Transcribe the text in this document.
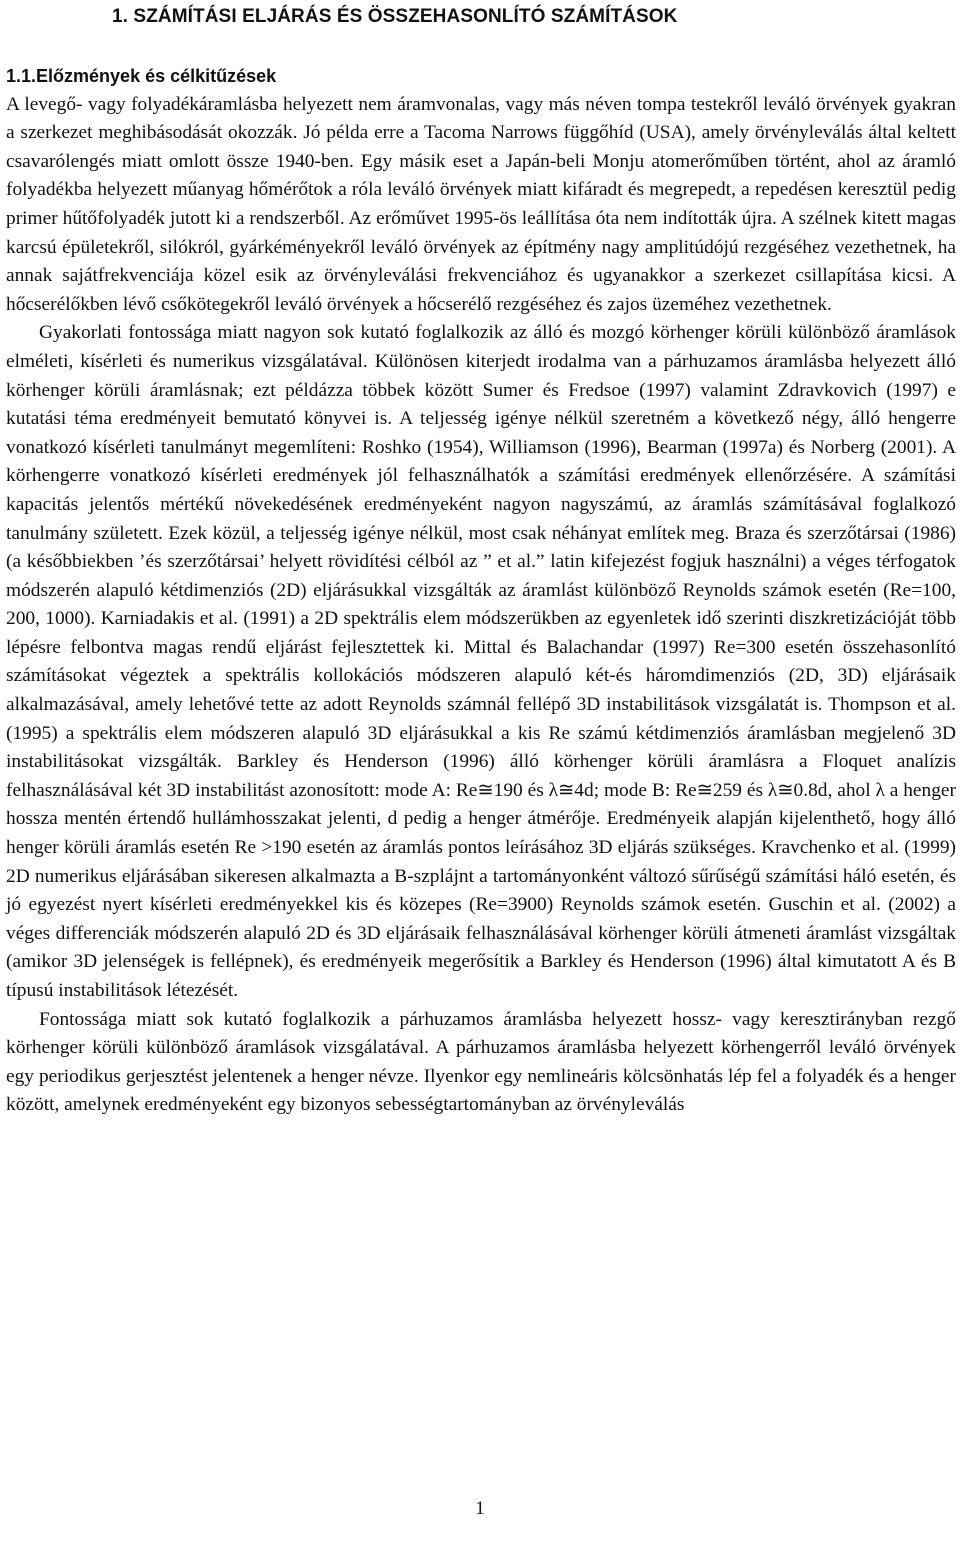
1. SZÁMÍTÁSI ELJÁRÁS ÉS ÖSSZEHASONLÍTÓ SZÁMÍTÁSOK
1.1.Előzmények és célkitűzések

A levegő- vagy folyadékáramlásba helyezett nem áramvonalas, vagy más néven tompa testekről leváló örvények gyakran a szerkezet meghibásodását okozzák. Jó példa erre a Tacoma Narrows függőhíd (USA), amely örvényleválás által keltett csavarólengés miatt omlott össze 1940-ben. Egy másik eset a Japán-beli Monju atomerőműben történt, ahol az áramló folyadékba helyezett műanyag hőmérőtok a róla leváló örvények miatt kifáradt és megrepedt, a repedésen keresztül pedig primer hűtőfolyadék jutott ki a rendszerből. Az erőművet 1995-ös leállítása óta nem indították újra. A szélnek kitett magas karcsú épületekről, silókról, gyárkéményekről leváló örvények az építmény nagy amplitúdójú rezgéséhez vezethetnek, ha annak sajátfrekvenciája közel esik az örvényleválási frekvenciához és ugyanakkor a szerkezet csillapítása kicsi. A hőcserélőkben lévő csőkötegekről leváló örvények a hőcserélő rezgéséhez és zajos üzeméhez vezethetnek.

Gyakorlati fontossága miatt nagyon sok kutató foglalkozik az álló és mozgó körhenger körüli különböző áramlások elméleti, kísérleti és numerikus vizsgálatával. Különösen kiterjedt irodalma van a párhuzamos áramlásba helyezett álló körhenger körüli áramlásnak; ezt példázza többek között Sumer és Fredsoe (1997) valamint Zdravkovich (1997) e kutatási téma eredményeit bemutató könyvei is. A teljesség igénye nélkül szeretném a következő négy, álló hengerre vonatkozó kísérleti tanulmányt megemlíteni: Roshko (1954), Williamson (1996), Bearman (1997a) és Norberg (2001). A körhengerre vonatkozó kísérleti eredmények jól felhasználhatók a számítási eredmények ellenőrzésére. A számítási kapacitás jelentős mértékű növekedésének eredményeként nagyon nagyszámú, az áramlás számításával foglalkozó tanulmány született. Ezek közül, a teljesség igénye nélkül, most csak néhányat említek meg. Braza és szerzőtársai (1986) (a későbbiekben ’és szerzőtársai’ helyett rövidítési célból az ” et al.” latin kifejezést fogjuk használni) a véges térfogatok módszerén alapuló kétdimenziós (2D) eljárásukkal vizsgálták az áramlást különböző Reynolds számok esetén (Re=100, 200, 1000). Karniadakis et al. (1991) a 2D spektrális elem módszerükben az egyenletek idő szerinti diszkretizációját több lépésre felbontva magas rendű eljárást fejlesztettek ki. Mittal és Balachandar (1997) Re=300 esetén összehasonlító számításokat végeztek a spektrális kollokációs módszeren alapuló két-és háromdimenziós (2D, 3D) eljárásaik alkalmazásával, amely lehetővé tette az adott Reynolds számnál fellépő 3D instabilitások vizsgálatát is. Thompson et al. (1995) a spektrális elem módszeren alapuló 3D eljárásukkal a kis Re számú kétdimenziós áramlásban megjelenő 3D instabilitásokat vizsgálták. Barkley és Henderson (1996) álló körhenger körüli áramlásra a Floquet analízis felhasználásával két 3D instabilitást azonosított: mode A: Re≅190 és λ≅4d; mode B: Re≅259 és λ≅0.8d, ahol λ a henger hossza mentén értendő hullámhosszakat jelenti, d pedig a henger átmérője. Eredményeik alapján kijelenthető, hogy álló henger körüli áramlás esetén Re >190 esetén az áramlás pontos leírásához 3D eljárás szükséges. Kravchenko et al. (1999) 2D numerikus eljárásában sikeresen alkalmazta a B-szplájnt a tartományonként változó sűrűségű számítási háló esetén, és jó egyezést nyert kísérleti eredményekkel kis és közepes (Re=3900) Reynolds számok esetén. Guschin et al. (2002) a véges differenciák módszerén alapuló 2D és 3D eljárásaik felhasználásával körhenger körüli átmeneti áramlást vizsgáltak (amikor 3D jelenségek is fellépnek), és eredményeik megerősítik a Barkley és Henderson (1996) által kimutatott A és B típusú instabilitások létezését.

Fontossága miatt sok kutató foglalkozik a párhuzamos áramlásba helyezett hossz- vagy keresztirányban rezgő körhenger körüli különböző áramlások vizsgálatával. A párhuzamos áramlásba helyezett körhengerről leváló örvények egy periodikus gerjesztést jelentenek a henger névze. Ilyenkor egy nemlineáris kölcsönhatás lép fel a folyadék és a henger között, amelynek eredményeként egy bizonyos sebességtartományban az örvényleválás

1
